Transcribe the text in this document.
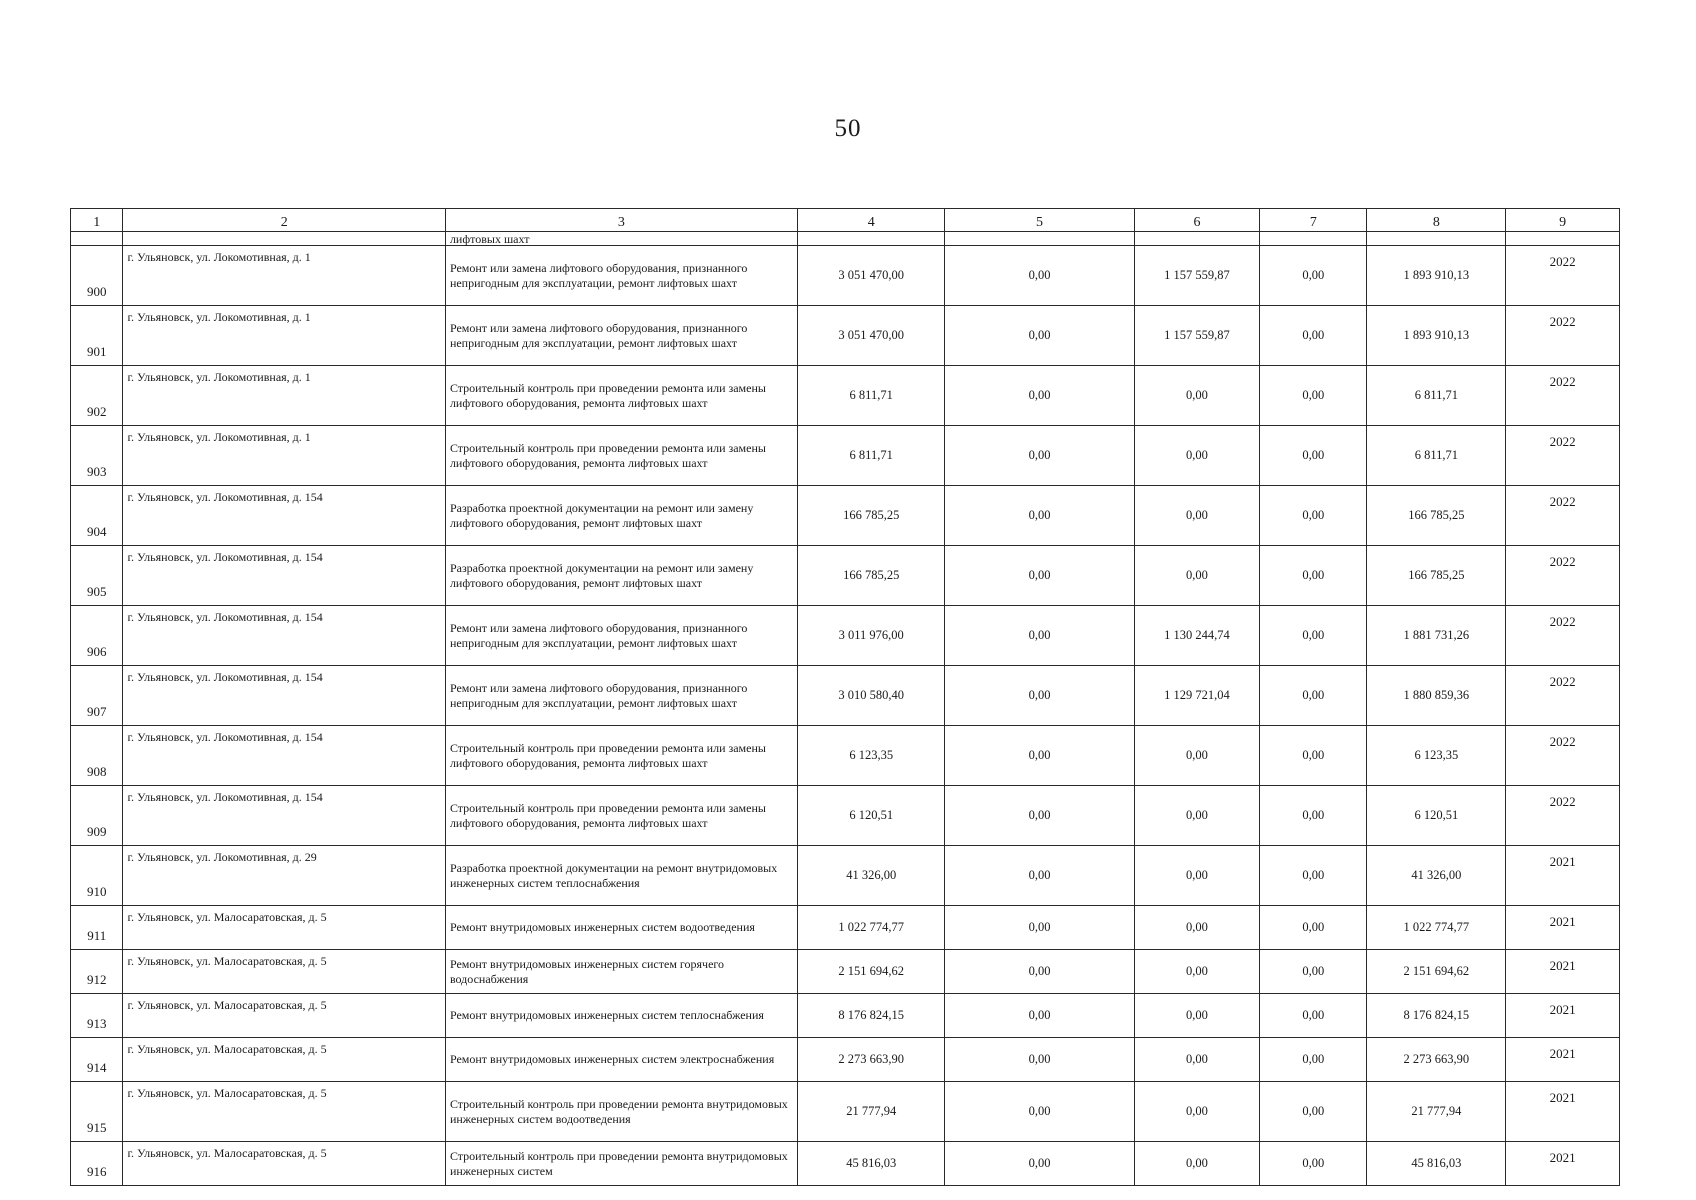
50
1	2	3	4	5	6	7	8	9
		лифтовых шахт						
900	г. Ульяновск, ул. Локомотивная, д. 1	Ремонт или замена лифтового оборудования, признанного непригодным для эксплуатации, ремонт лифтовых шахт	3 051 470,00	0,00	1 157 559,87	0,00	1 893 910,13	2022
901	г. Ульяновск, ул. Локомотивная, д. 1	Ремонт или замена лифтового оборудования, признанного непригодным для эксплуатации, ремонт лифтовых шахт	3 051 470,00	0,00	1 157 559,87	0,00	1 893 910,13	2022
902	г. Ульяновск, ул. Локомотивная, д. 1	Строительный контроль при проведении ремонта или замены лифтового оборудования, ремонта лифтовых шахт	6 811,71	0,00	0,00	0,00	6 811,71	2022
903	г. Ульяновск, ул. Локомотивная, д. 1	Строительный контроль при проведении ремонта или замены лифтового оборудования, ремонта лифтовых шахт	6 811,71	0,00	0,00	0,00	6 811,71	2022
904	г. Ульяновск, ул. Локомотивная, д. 154	Разработка проектной документации на ремонт или замену лифтового оборудования, ремонт лифтовых шахт	166 785,25	0,00	0,00	0,00	166 785,25	2022
905	г. Ульяновск, ул. Локомотивная, д. 154	Разработка проектной документации на ремонт или замену лифтового оборудования, ремонт лифтовых шахт	166 785,25	0,00	0,00	0,00	166 785,25	2022
906	г. Ульяновск, ул. Локомотивная, д. 154	Ремонт или замена лифтового оборудования, признанного непригодным для эксплуатации, ремонт лифтовых шахт	3 011 976,00	0,00	1 130 244,74	0,00	1 881 731,26	2022
907	г. Ульяновск, ул. Локомотивная, д. 154	Ремонт или замена лифтового оборудования, признанного непригодным для эксплуатации, ремонт лифтовых шахт	3 010 580,40	0,00	1 129 721,04	0,00	1 880 859,36	2022
908	г. Ульяновск, ул. Локомотивная, д. 154	Строительный контроль при проведении ремонта или замены лифтового оборудования, ремонта лифтовых шахт	6 123,35	0,00	0,00	0,00	6 123,35	2022
909	г. Ульяновск, ул. Локомотивная, д. 154	Строительный контроль при проведении ремонта или замены лифтового оборудования, ремонта лифтовых шахт	6 120,51	0,00	0,00	0,00	6 120,51	2022
910	г. Ульяновск, ул. Локомотивная, д. 29	Разработка проектной документации на ремонт внутридомовых инженерных систем теплоснабжения	41 326,00	0,00	0,00	0,00	41 326,00	2021
911	г. Ульяновск, ул. Малосаратовская, д. 5	Ремонт внутридомовых инженерных систем водоотведения	1 022 774,77	0,00	0,00	0,00	1 022 774,77	2021
912	г. Ульяновск, ул. Малосаратовская, д. 5	Ремонт внутридомовых инженерных систем горячего водоснабжения	2 151 694,62	0,00	0,00	0,00	2 151 694,62	2021
913	г. Ульяновск, ул. Малосаратовская, д. 5	Ремонт внутридомовых инженерных систем теплоснабжения	8 176 824,15	0,00	0,00	0,00	8 176 824,15	2021
914	г. Ульяновск, ул. Малосаратовская, д. 5	Ремонт внутридомовых инженерных систем электроснабжения	2 273 663,90	0,00	0,00	0,00	2 273 663,90	2021
915	г. Ульяновск, ул. Малосаратовская, д. 5	Строительный контроль при проведении ремонта внутридомовых инженерных систем водоотведения	21 777,94	0,00	0,00	0,00	21 777,94	2021
916	г. Ульяновск, ул. Малосаратовская, д. 5	Строительный контроль при проведении ремонта внутридомовых инженерных систем	45 816,03	0,00	0,00	0,00	45 816,03	2021
